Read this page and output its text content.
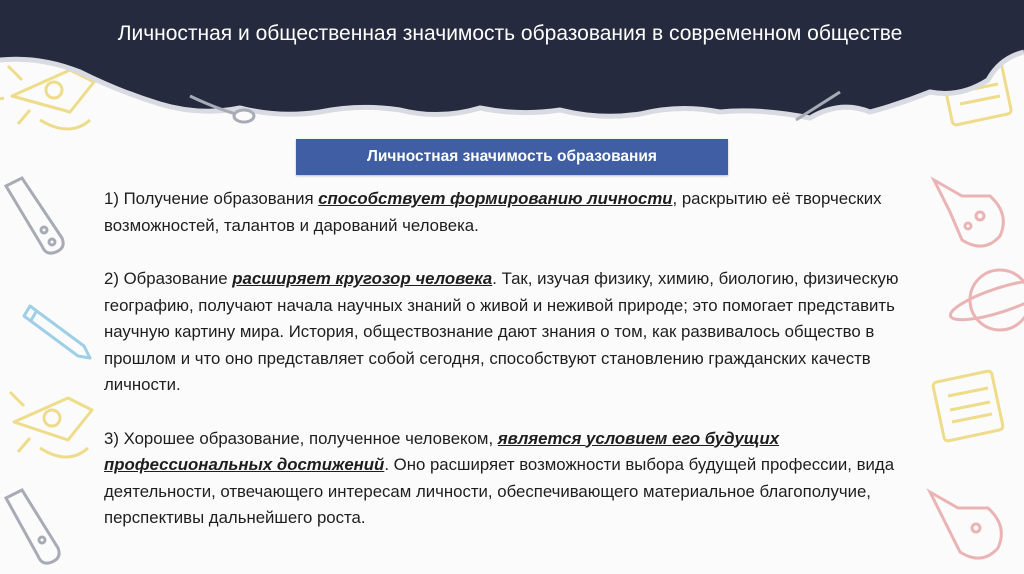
Личностная и общественная значимость образования в современном обществе
Личностная значимость образования

1) Получение образования способствует формированию личности, раскрытию её творческих возможностей, талантов и дарований человека.

2) Образование расширяет кругозор человека. Так, изучая физику, химию, биологию, физическую географию, получают начала научных знаний о живой и неживой природе; это помогает представить научную картину мира. История, обществознание дают знания о том, как развивалось общество в прошлом и что оно представляет собой сегодня, способствуют становлению гражданских качеств личности.

3) Хорошее образование, полученное человеком, является условием его будущих профессиональных достижений. Оно расширяет возможности выбора будущей профессии, вида деятельности, отвечающего интересам личности, обеспечивающего материальное благополучие, перспективы дальнейшего роста.
